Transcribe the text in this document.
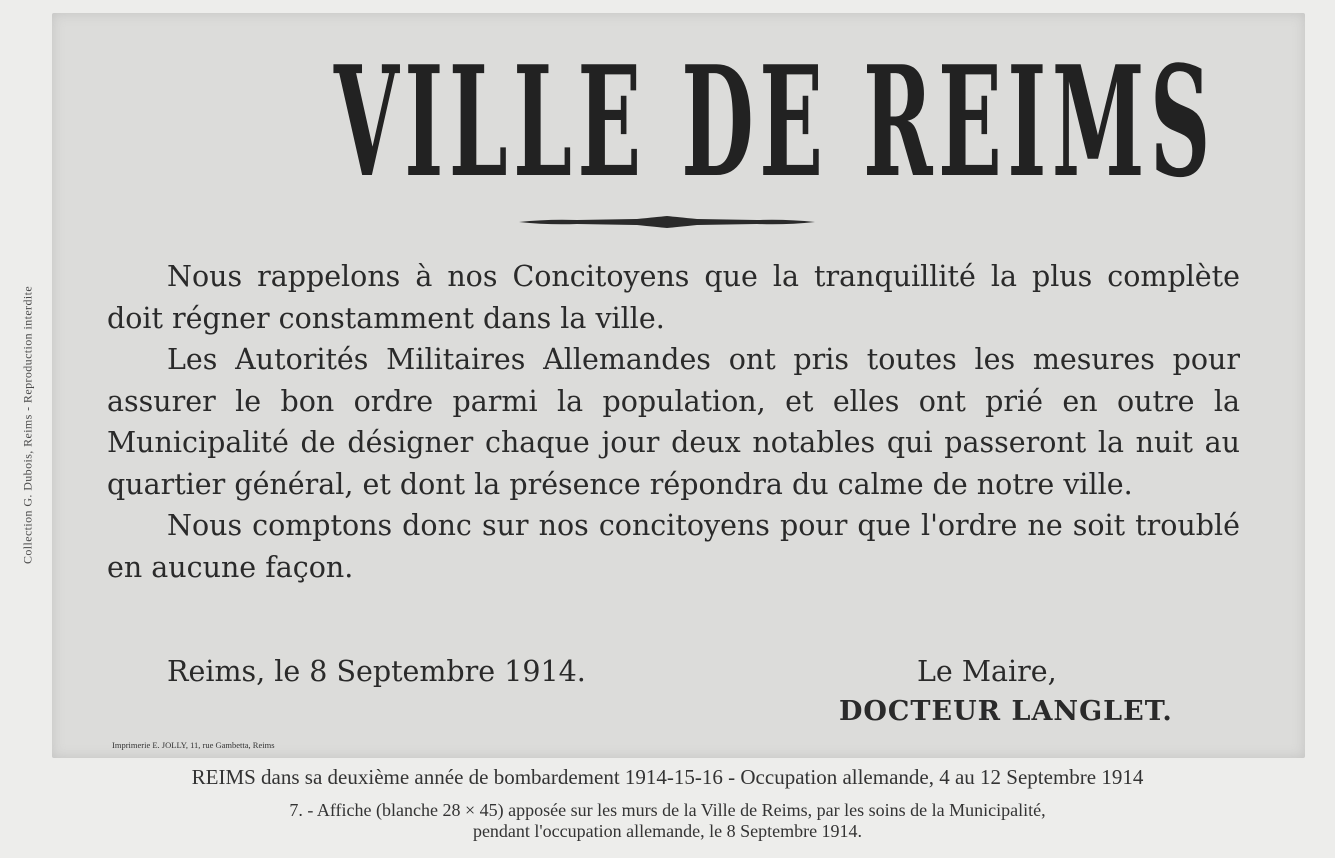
Collection G. Dubois, Reims - Reproduction interdite
VILLE DE REIMS

Nous rappelons à nos Concitoyens que la tranquillité la plus complète doit régner constamment dans la ville.

Les Autorités Militaires Allemandes ont pris toutes les mesures pour assurer le bon ordre parmi la population, et elles ont prié en outre la Municipalité de désigner chaque jour deux notables qui passeront la nuit au quartier général, et dont la présence répondra du calme de notre ville.

Nous comptons donc sur nos concitoyens pour que l'ordre ne soit troublé en aucune façon.

Reims, le 8 Septembre 1914.	Le Maire,
DOCTEUR LANGLET.
Imprimerie E. JOLLY, 11, rue Gambetta, Reims
REIMS dans sa deuxième année de bombardement 1914-15-16 - Occupation allemande, 4 au 12 Septembre 1914
7. - Affiche (blanche 28 × 45) apposée sur les murs de la Ville de Reims, par les soins de la Municipalité,
pendant l'occupation allemande, le 8 Septembre 1914.
